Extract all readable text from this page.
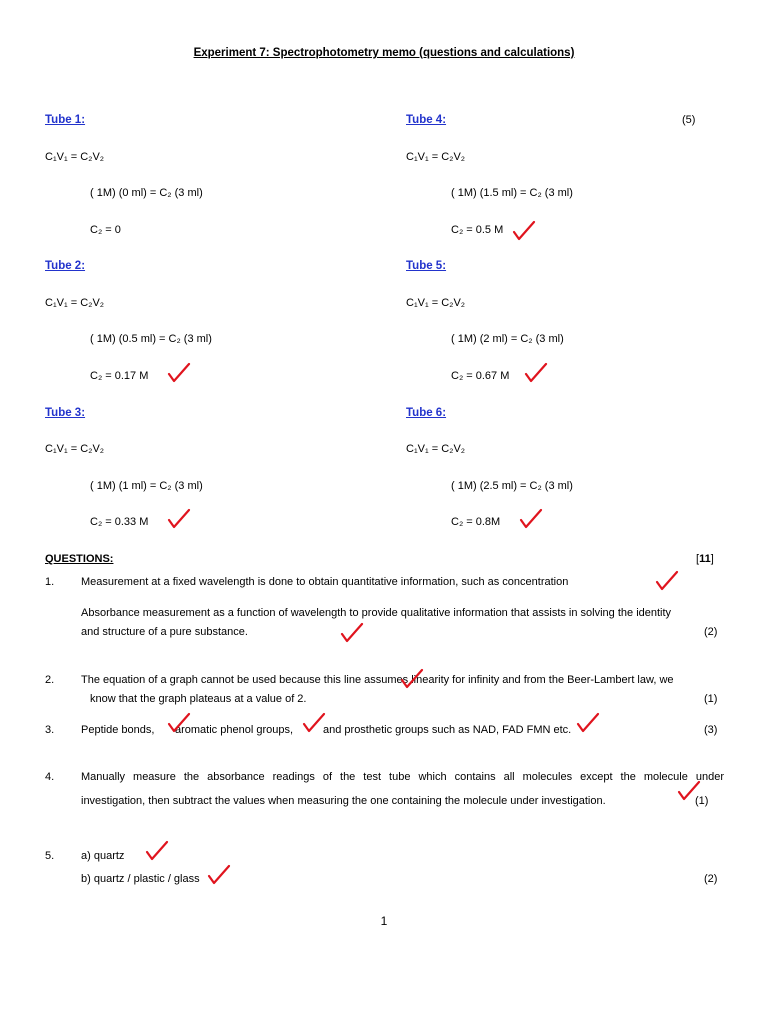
Experiment 7: Spectrophotometry memo (questions and calculations)
Tube 1:
C₁V₁ = C₂V₂
( 1M) (0 ml) = C₂ (3 ml)
C₂ = 0
Tube 2:
C₁V₁ = C₂V₂
( 1M) (0.5 ml) = C₂ (3 ml)
C₂ = 0.17 M
Tube 3:
C₁V₁ = C₂V₂
( 1M) (1 ml) = C₂ (3 ml)
C₂ = 0.33 M
Tube 4:	(5)
C₁V₁ = C₂V₂
( 1M) (1.5 ml) = C₂ (3 ml)
C₂ = 0.5 M
Tube 5:
C₁V₁ = C₂V₂
( 1M) (2 ml) = C₂ (3 ml)
C₂ = 0.67 M
Tube 6:
C₁V₁ = C₂V₂
( 1M) (2.5 ml) = C₂ (3 ml)
C₂ = 0.8M
QUESTIONS:	[11]
1. Measurement at a fixed wavelength is done to obtain quantitative information, such as concentration
Absorbance measurement as a function of wavelength to provide qualitative information that assists in solving the identity
and structure of a pure substance.	(2)
2. The equation of a graph cannot be used because this line assumes linearity for infinity and from the Beer-Lambert law, we
know that the graph plateaus at a value of 2.	(1)
3. Peptide bonds, aromatic phenol groups,	and prosthetic groups such as NAD, FAD FMN etc.	(3)
4. Manually measure the absorbance readings of the test tube which contains all molecules except the molecule under
investigation, then subtract the values when measuring the one containing the molecule under investigation.	(1)
5. a) quartz
b) quartz / plastic / glass	(2)
1
